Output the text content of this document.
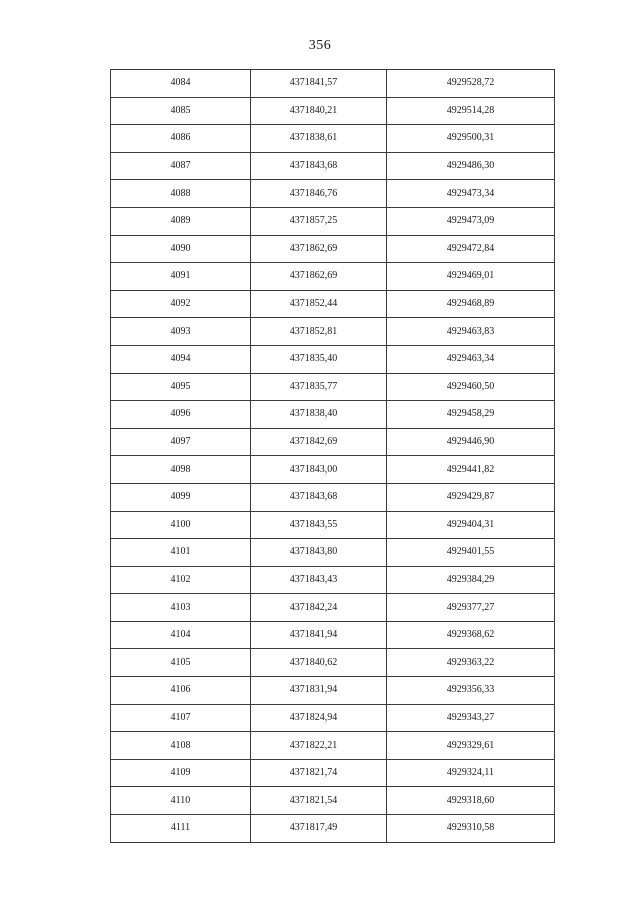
356
4084	4371841,57	4929528,72
4085	4371840,21	4929514,28
4086	4371838,61	4929500,31
4087	4371843,68	4929486,30
4088	4371846,76	4929473,34
4089	4371857,25	4929473,09
4090	4371862,69	4929472,84
4091	4371862,69	4929469,01
4092	4371852,44	4929468,89
4093	4371852,81	4929463,83
4094	4371835,40	4929463,34
4095	4371835,77	4929460,50
4096	4371838,40	4929458,29
4097	4371842,69	4929446,90
4098	4371843,00	4929441,82
4099	4371843,68	4929429,87
4100	4371843,55	4929404,31
4101	4371843,80	4929401,55
4102	4371843,43	4929384,29
4103	4371842,24	4929377,27
4104	4371841,94	4929368,62
4105	4371840,62	4929363,22
4106	4371831,94	4929356,33
4107	4371824,94	4929343,27
4108	4371822,21	4929329,61
4109	4371821,74	4929324,11
4110	4371821,54	4929318,60
4111	4371817,49	4929310,58
